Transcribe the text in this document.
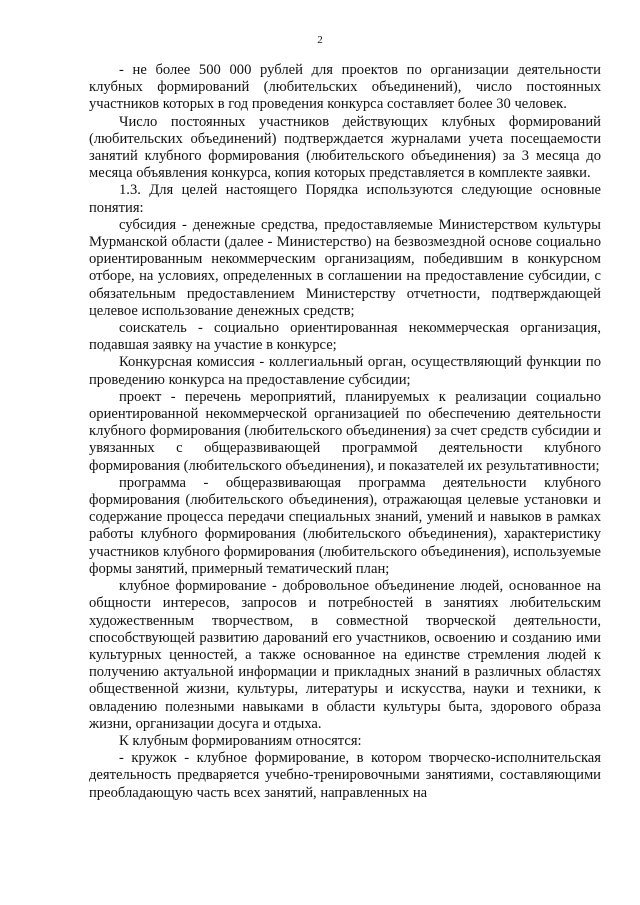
2

- не более 500 000 рублей для проектов по организации деятельности клубных формирований (любительских объединений), число постоянных участников которых в год проведения конкурса составляет более 30 человек.

Число постоянных участников действующих клубных формирований (любительских объединений) подтверждается журналами учета посещаемости занятий клубного формирования (любительского объединения) за 3 месяца до месяца объявления конкурса, копия которых представляется в комплекте заявки.

1.3. Для целей настоящего Порядка используются следующие основные понятия:

субсидия - денежные средства, предоставляемые Министерством культуры Мурманской области (далее - Министерство) на безвозмездной основе социально ориентированным некоммерческим организациям, победившим в конкурсном отборе, на условиях, определенных в соглашении на предоставление субсидии, с обязательным предоставлением Министерству отчетности, подтверждающей целевое использование денежных средств;

соискатель - социально ориентированная некоммерческая организация, подавшая заявку на участие в конкурсе;

Конкурсная комиссия - коллегиальный орган, осуществляющий функции по проведению конкурса на предоставление субсидии;

проект - перечень мероприятий, планируемых к реализации социально ориентированной некоммерческой организацией по обеспечению деятельности клубного формирования (любительского объединения) за счет средств субсидии и увязанных с общеразвивающей программой деятельности клубного формирования (любительского объединения), и показателей их результативности;

программа - общеразвивающая программа деятельности клубного формирования (любительского объединения), отражающая целевые установки и содержание процесса передачи специальных знаний, умений и навыков в рамках работы клубного формирования (любительского объединения), характеристику участников клубного формирования (любительского объединения), используемые формы занятий, примерный тематический план;

клубное формирование - добровольное объединение людей, основанное на общности интересов, запросов и потребностей в занятиях любительским художественным творчеством, в совместной творческой деятельности, способствующей развитию дарований его участников, освоению и созданию ими культурных ценностей, а также основанное на единстве стремления людей к получению актуальной информации и прикладных знаний в различных областях общественной жизни, культуры, литературы и искусства, науки и техники, к овладению полезными навыками в области культуры быта, здорового образа жизни, организации досуга и отдыха.

К клубным формированиям относятся:

- кружок - клубное формирование, в котором творческо-исполнительская деятельность предваряется учебно-тренировочными занятиями, составляющими преобладающую часть всех занятий, направленных на
